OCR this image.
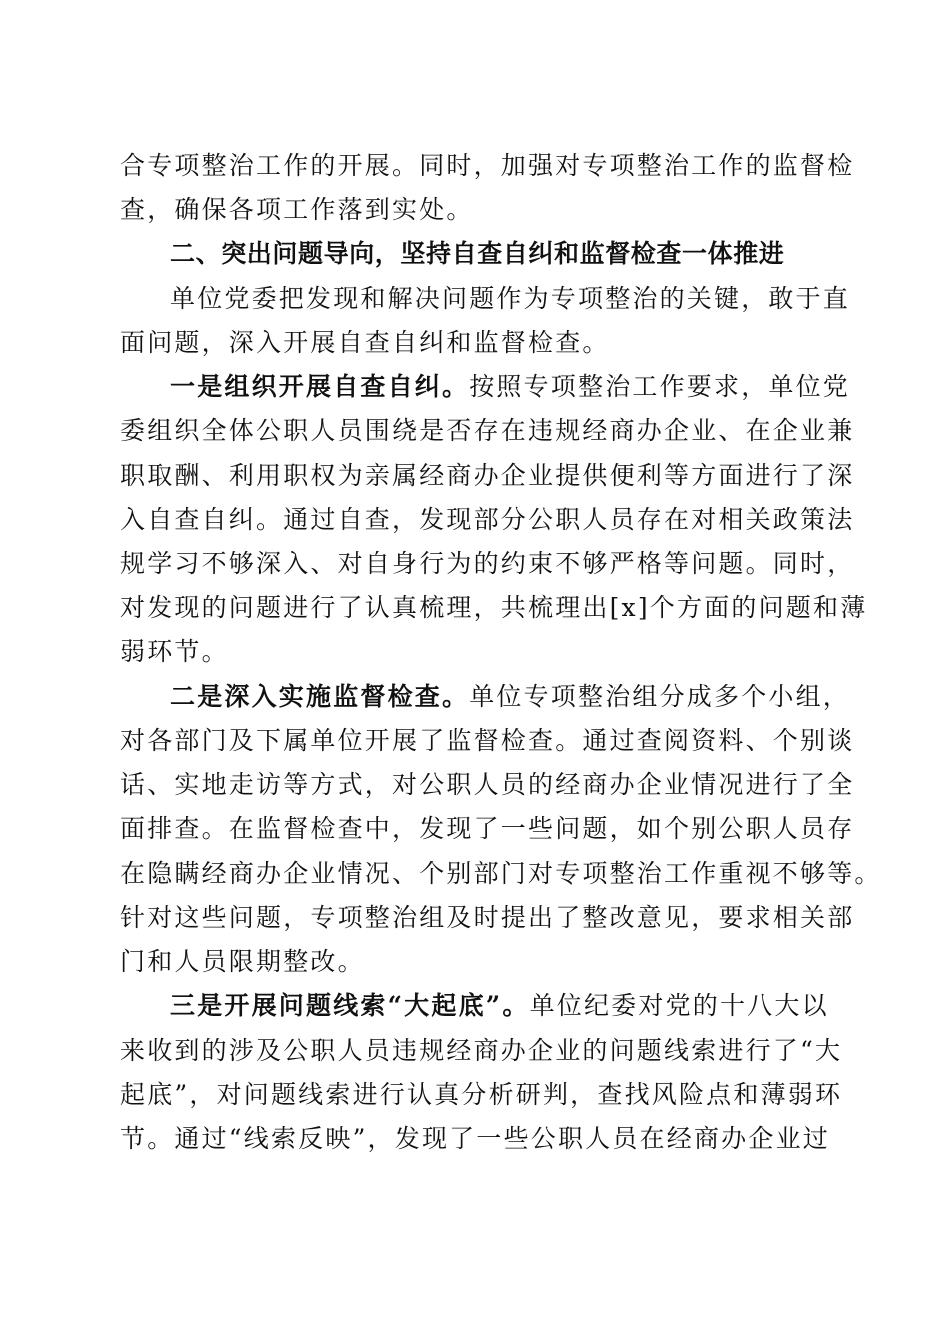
合专项整治工作的开展。同时，加强对专项整治工作的监督检
查，确保各项工作落到实处。
二、突出问题导向，坚持自查自纠和监督检查一体推进
单位党委把发现和解决问题作为专项整治的关键，敢于直
面问题，深入开展自查自纠和监督检查。
一是组织开展自查自纠。按照专项整治工作要求，单位党
委组织全体公职人员围绕是否存在违规经商办企业、在企业兼
职取酬、利用职权为亲属经商办企业提供便利等方面进行了深
入自查自纠。通过自查，发现部分公职人员存在对相关政策法
规学习不够深入、对自身行为的约束不够严格等问题。同时，
对发现的问题进行了认真梳理，共梳理出[x]个方面的问题和薄
弱环节。
二是深入实施监督检查。单位专项整治组分成多个小组，
对各部门及下属单位开展了监督检查。通过查阅资料、个别谈
话、实地走访等方式，对公职人员的经商办企业情况进行了全
面排查。在监督检查中，发现了一些问题，如个别公职人员存
在隐瞒经商办企业情况、个别部门对专项整治工作重视不够等。
针对这些问题，专项整治组及时提出了整改意见，要求相关部
门和人员限期整改。
三是开展问题线索“大起底”。单位纪委对党的十八大以
来收到的涉及公职人员违规经商办企业的问题线索进行了“大
起底”，对问题线索进行认真分析研判，查找风险点和薄弱环
节。通过“线索反映”，发现了一些公职人员在经商办企业过
